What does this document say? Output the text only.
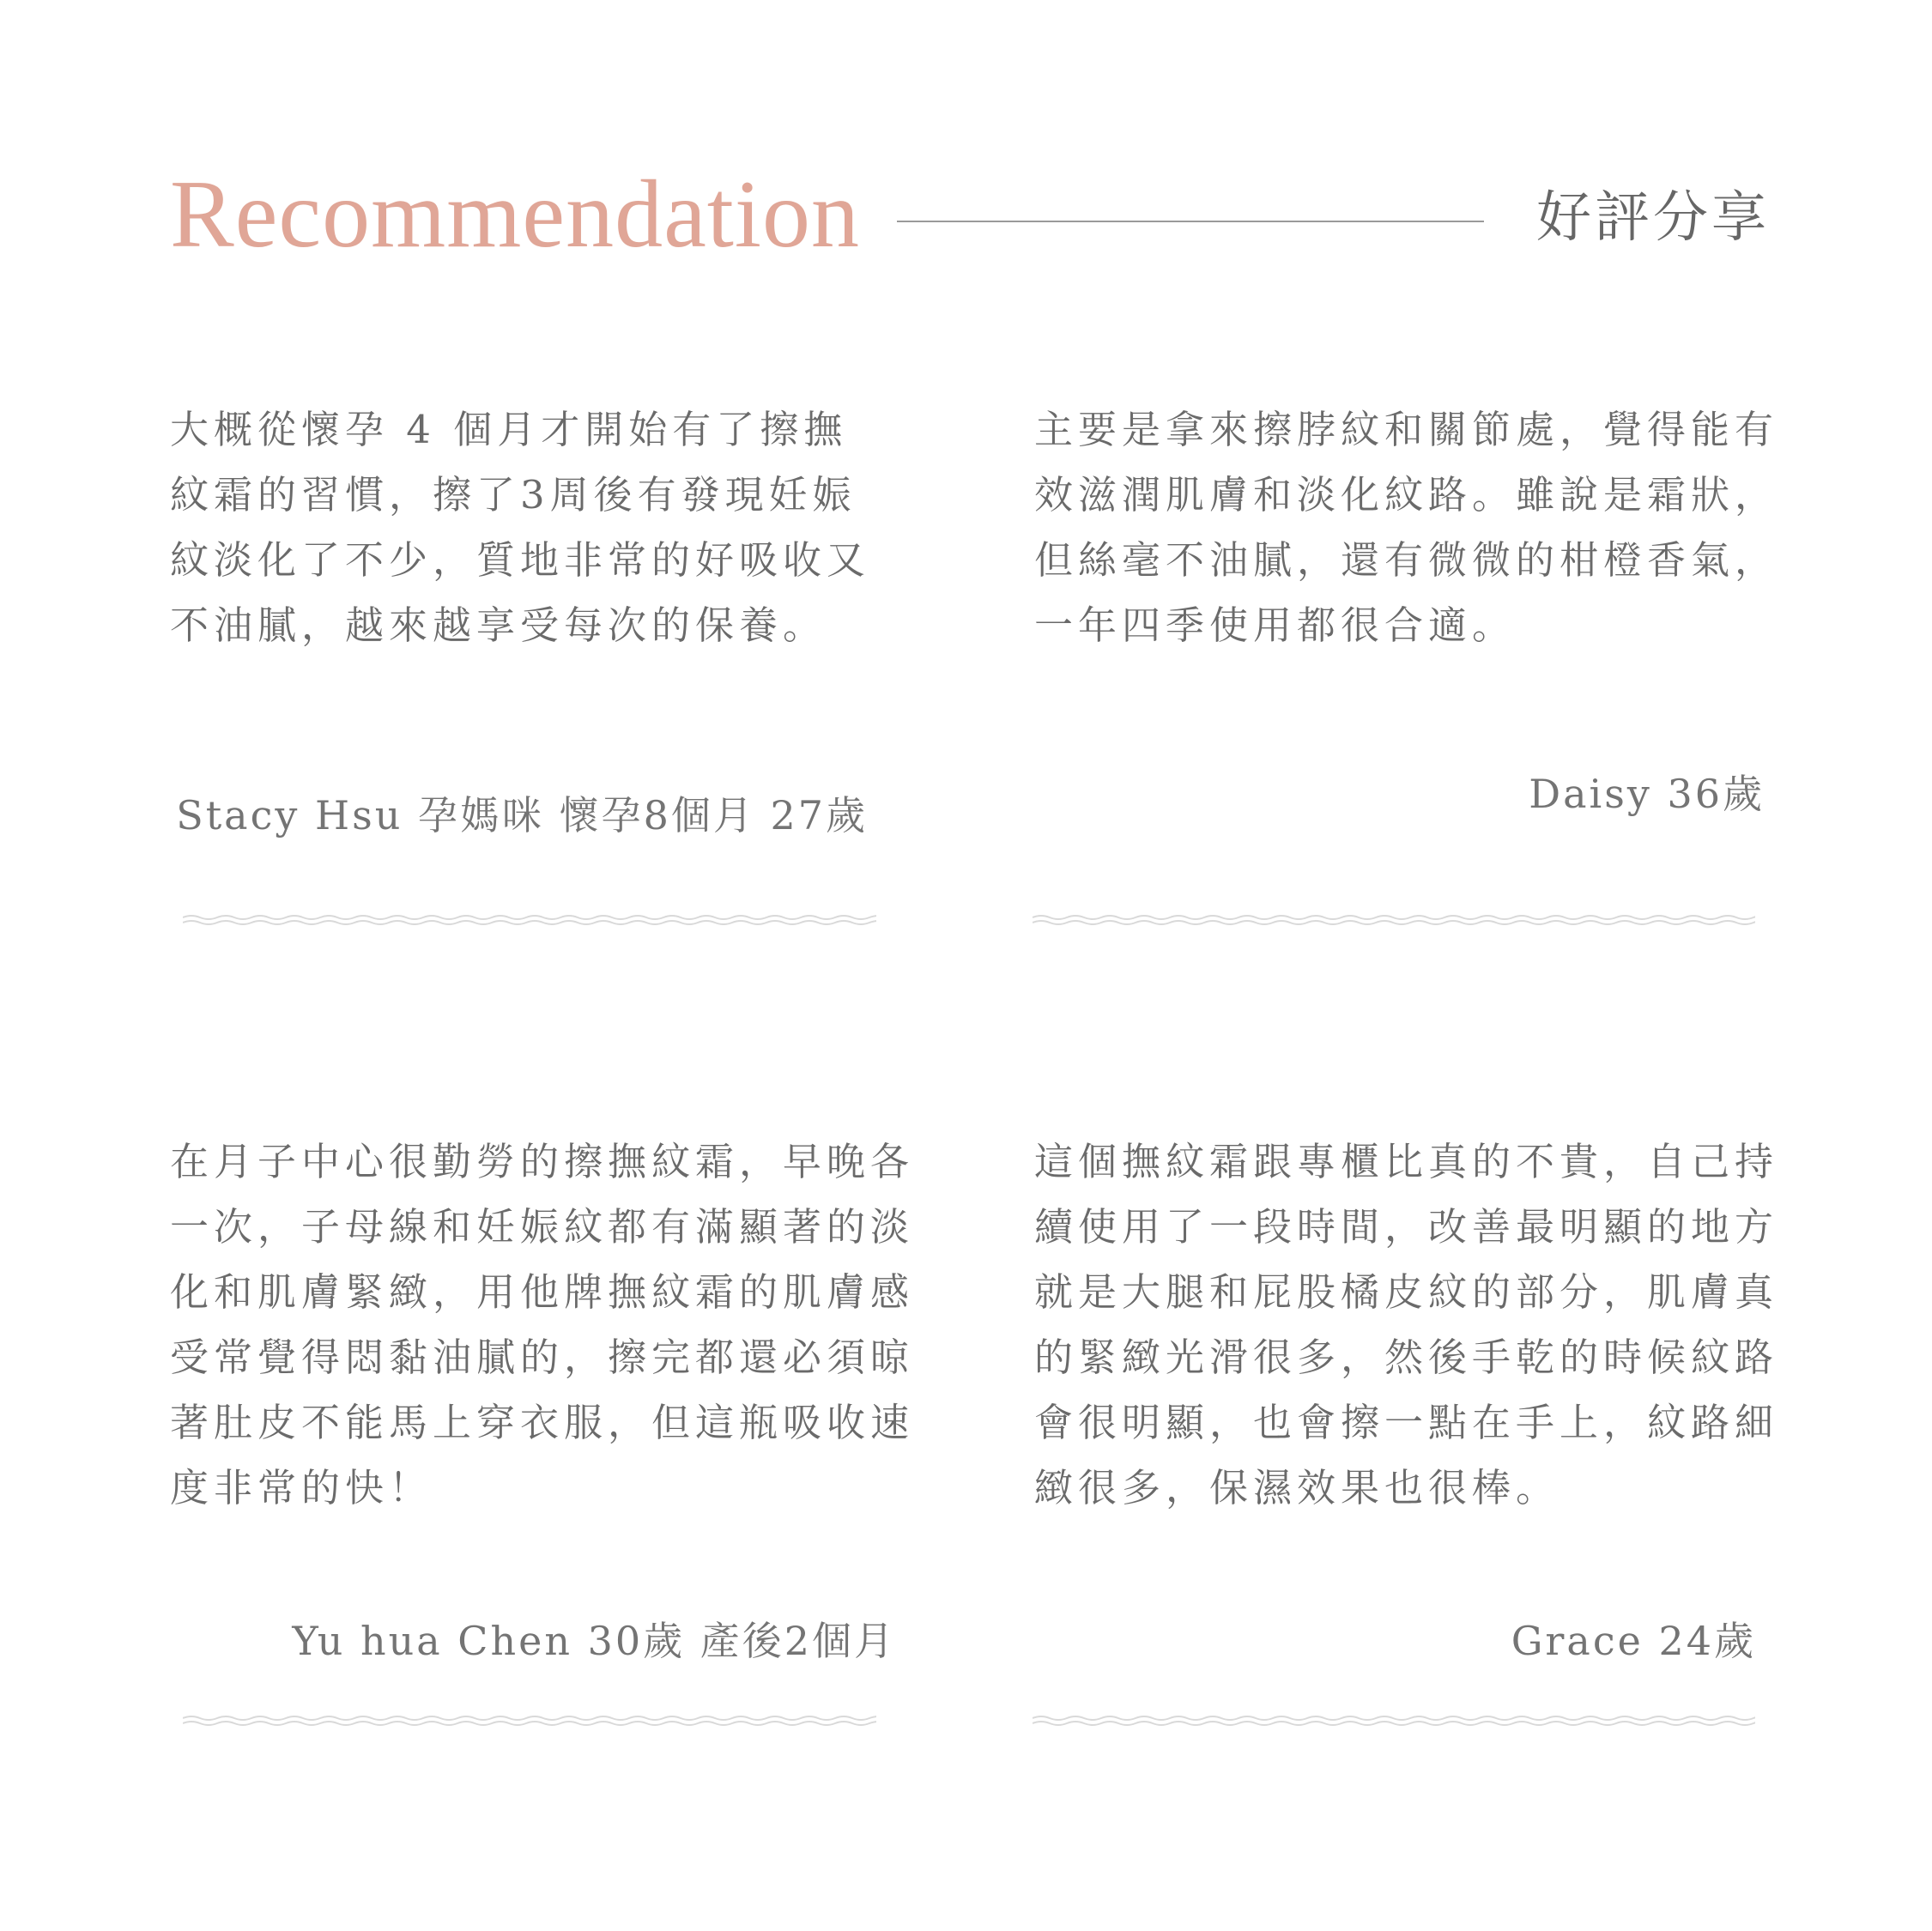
Recommendation	好評分享
大概從懷孕 4 個月才開始有了擦撫紋霜的習慣，擦了3周後有發現妊娠紋淡化了不少，質地非常的好吸收又不油膩，越來越享受每次的保養。
Stacy Hsu 孕媽咪 懷孕8個月 27歲
主要是拿來擦脖紋和關節處，覺得能有效滋潤肌膚和淡化紋路。雖說是霜狀，但絲毫不油膩，還有微微的柑橙香氣，一年四季使用都很合適。
Daisy 36歲
在月子中心很勤勞的擦撫紋霜，早晚各一次，子母線和妊娠紋都有滿顯著的淡化和肌膚緊緻，用他牌撫紋霜的肌膚感受常覺得悶黏油膩的，擦完都還必須晾著肚皮不能馬上穿衣服，但這瓶吸收速度非常的快！
Yu hua Chen 30歲 產後2個月
這個撫紋霜跟專櫃比真的不貴，自己持續使用了一段時間，改善最明顯的地方就是大腿和屁股橘皮紋的部分，肌膚真的緊緻光滑很多，然後手乾的時候紋路會很明顯，也會擦一點在手上，紋路細緻很多，保濕效果也很棒。
Grace 24歲
